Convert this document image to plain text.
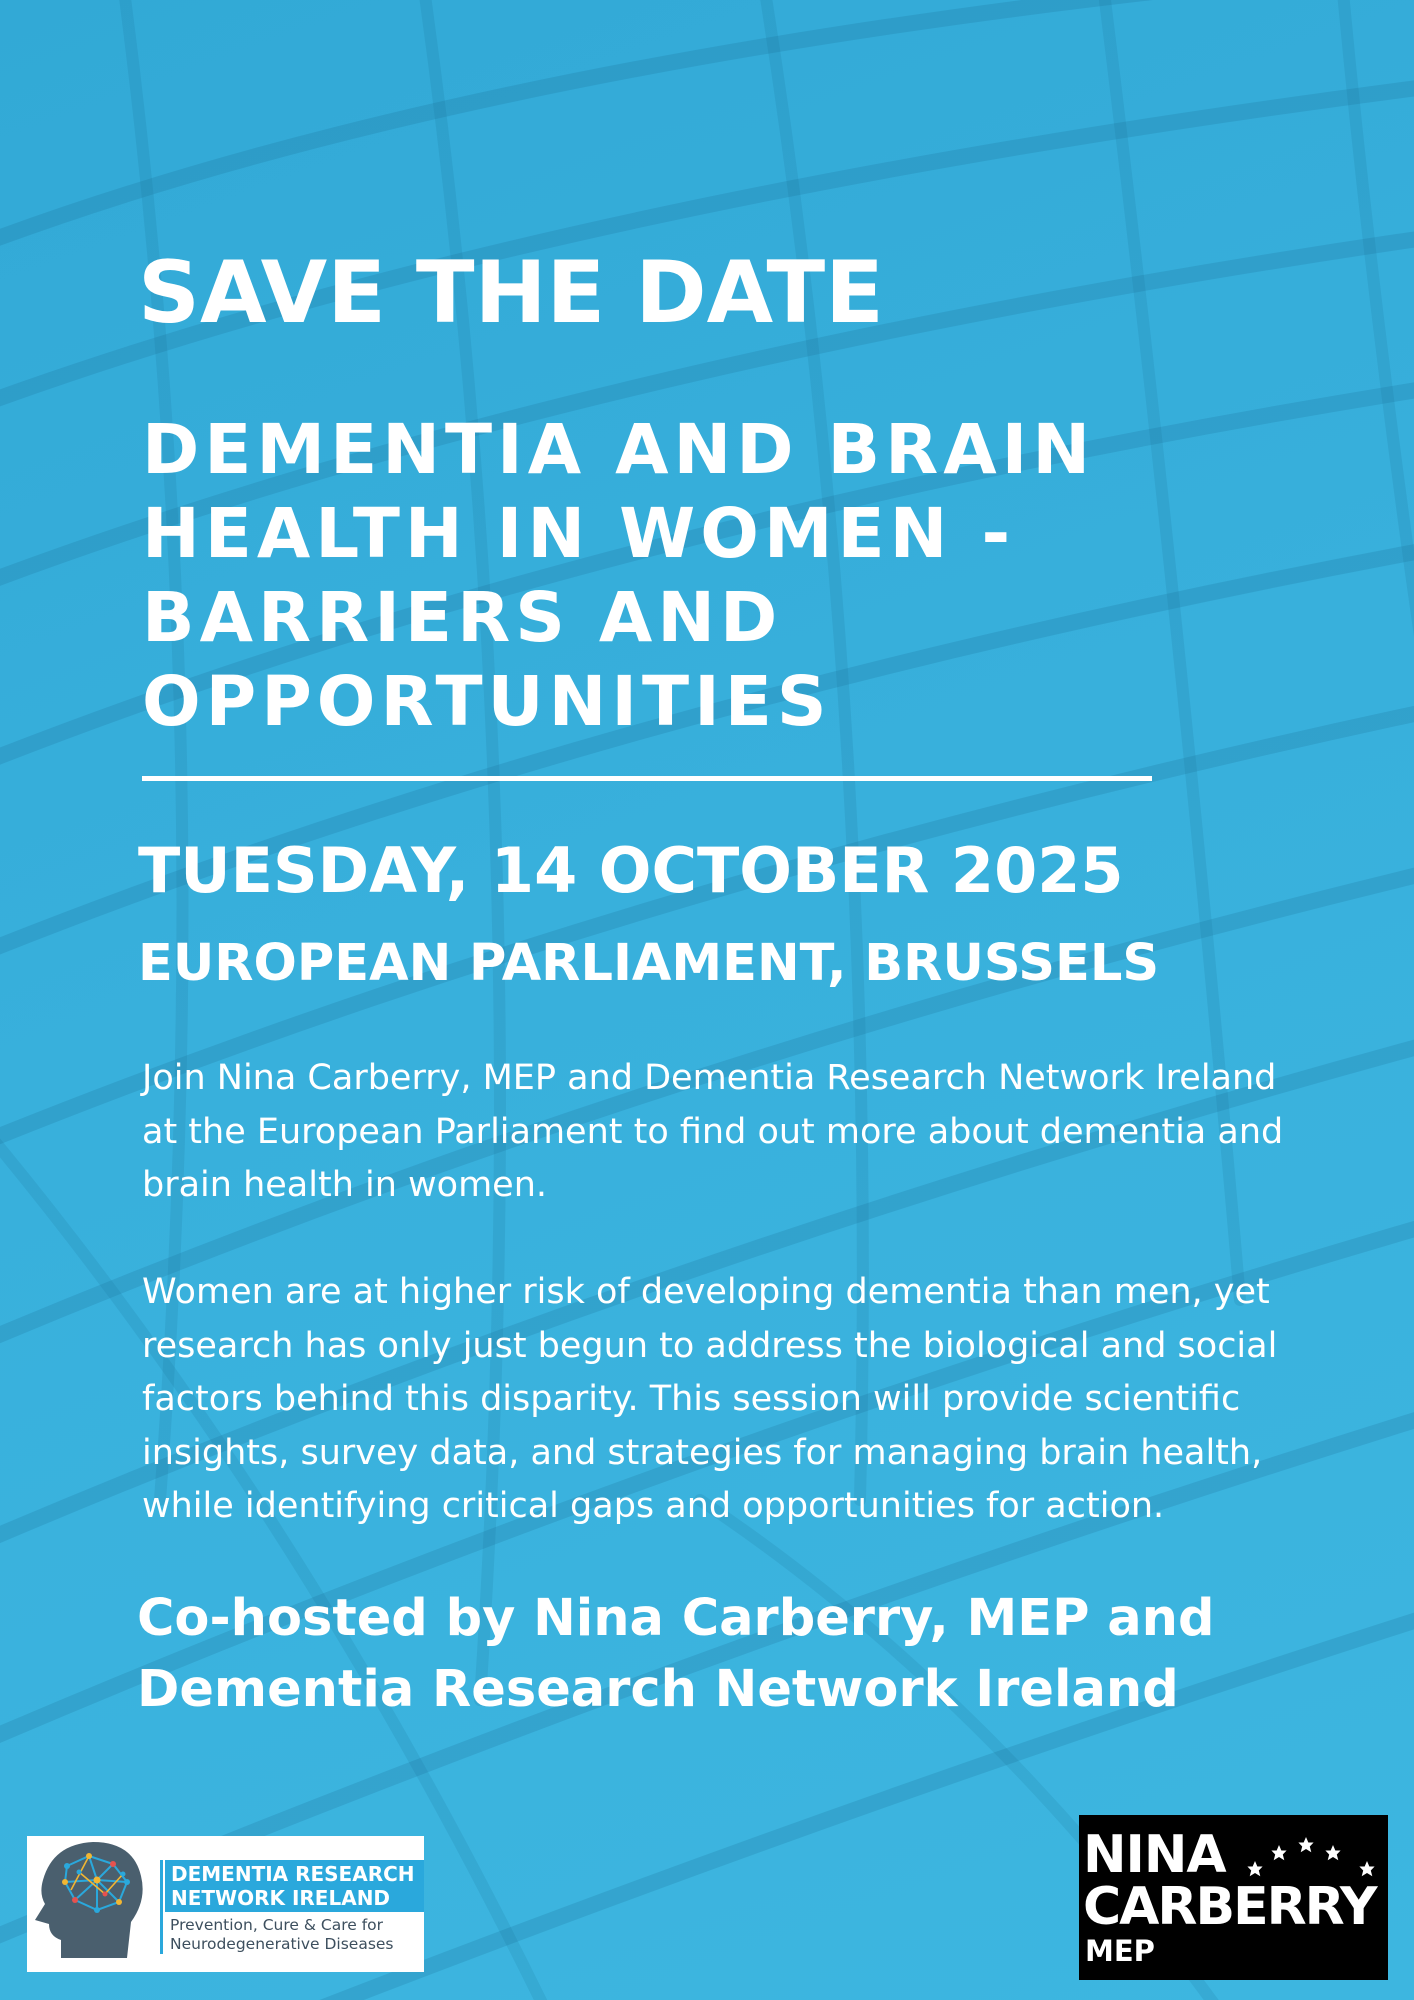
SAVE THE DATE
DEMENTIA AND BRAIN
HEALTH IN WOMEN -
BARRIERS AND
OPPORTUNITIES
TUESDAY, 14 OCTOBER 2025
EUROPEAN PARLIAMENT, BRUSSELS

Join Nina Carberry, MEP and Dementia Research Network Ireland
at the European Parliament to find out more about dementia and
brain health in women.

Women are at higher risk of developing dementia than men, yet
research has only just begun to address the biological and social
factors behind this disparity. This session will provide scientific
insights, survey data, and strategies for managing brain health,
while identifying critical gaps and opportunities for action.

Co-hosted by Nina Carberry, MEP and
Dementia Research Network Ireland

DEMENTIA RESEARCH
NETWORK IRELAND
Prevention, Cure & Care for
Neurodegenerative Diseases
NINA
CARBERRY
MEP
